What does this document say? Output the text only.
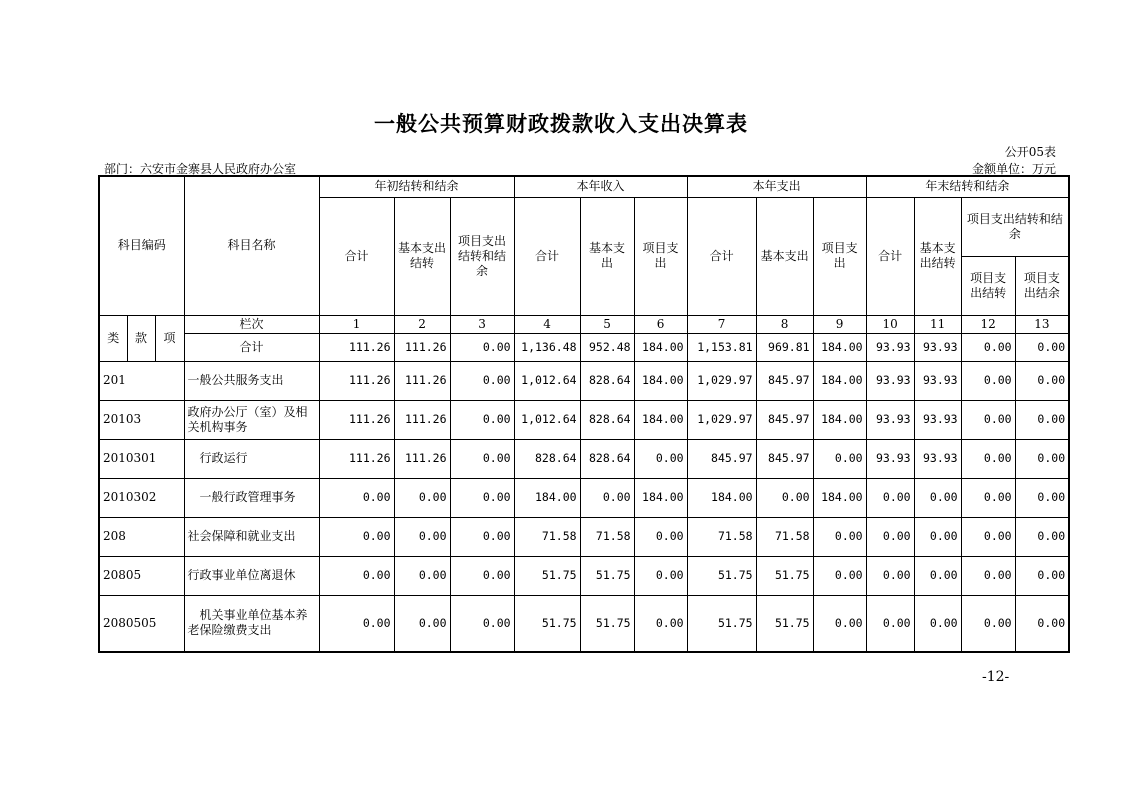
一般公共预算财政拨款收入支出决算表
公开05表
部门：六安市金寨县人民政府办公室	金额单位：万元
科目编码			科目名称	年初结转和结余			本年收入			本年支出			年末结转和结余			
				合计	基本支出结转	项目支出结转和结余	合计	基本支出	项目支出	合计	基本支出	项目支出	合计	基本支出结转	项目支出结转和结余	
															项目支出结转	项目支出结余
类	款	项	栏次	1	2	3	4	5	6	7	8	9	10	11	12	13
			合计	111.26	111.26	0.00	1,136.48	952.48	184.00	1,153.81	969.81	184.00	93.93	93.93	0.00	0.00
201			一般公共服务支出	111.26	111.26	0.00	1,012.64	828.64	184.00	1,029.97	845.97	184.00	93.93	93.93	0.00	0.00
20103			政府办公厅（室）及相关机构事务	111.26	111.26	0.00	1,012.64	828.64	184.00	1,029.97	845.97	184.00	93.93	93.93	0.00	0.00
2010301			　行政运行	111.26	111.26	0.00	828.64	828.64	0.00	845.97	845.97	0.00	93.93	93.93	0.00	0.00
2010302			　一般行政管理事务	0.00	0.00	0.00	184.00	0.00	184.00	184.00	0.00	184.00	0.00	0.00	0.00	0.00
208			社会保障和就业支出	0.00	0.00	0.00	71.58	71.58	0.00	71.58	71.58	0.00	0.00	0.00	0.00	0.00
20805			行政事业单位离退休	0.00	0.00	0.00	51.75	51.75	0.00	51.75	51.75	0.00	0.00	0.00	0.00	0.00
2080505			　机关事业单位基本养老保险缴费支出	0.00	0.00	0.00	51.75	51.75	0.00	51.75	51.75	0.00	0.00	0.00	0.00	0.00
-12-
